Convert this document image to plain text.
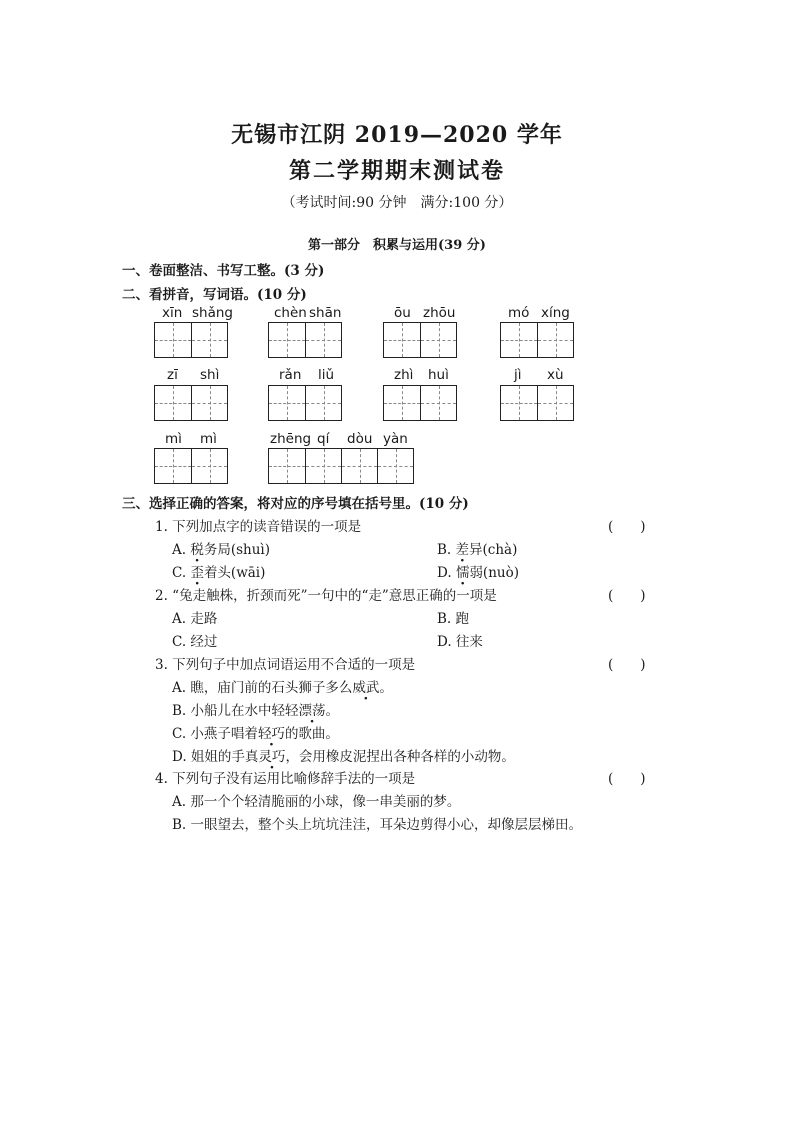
无锡市江阴 2019—2020 学年
第二学期期末测试卷
（考试时间:90 分钟　满分:100 分）
第一部分　积累与运用(39 分)
一、卷面整洁、书写工整。(3 分)
二、看拼音，写词语。(10 分)
xīn shǎng	chèn shān	ōu zhōu	mó xíng
zī shì	rǎn liǔ	zhì huì	jì xù
mì mì	zhēng qí dòu yàn
三、选择正确的答案，将对应的序号填在括号里。(10 分)
1. 下列加点字的读音错误的一项是	(　　)
A. 税务局(shuì)	B. 差异(chà)
C. 歪着头(wāi)	D. 懦弱(nuò)
2. “兔走触株，折颈而死”一句中的“走”意思正确的一项是	(　　)
A. 走路	B. 跑
C. 经过	D. 往来
3. 下列句子中加点词语运用不合适的一项是	(　　)
A. 瞧，庙门前的石头狮子多么威武。
B. 小船儿在水中轻轻漂荡。
C. 小燕子唱着轻巧的歌曲。
D. 姐姐的手真灵巧，会用橡皮泥捏出各种各样的小动物。
4. 下列句子没有运用比喻修辞手法的一项是	(　　)
A. 那一个个轻清脆丽的小球，像一串美丽的梦。
B. 一眼望去，整个头上坑坑洼洼，耳朵边剪得小心，却像层层梯田。
